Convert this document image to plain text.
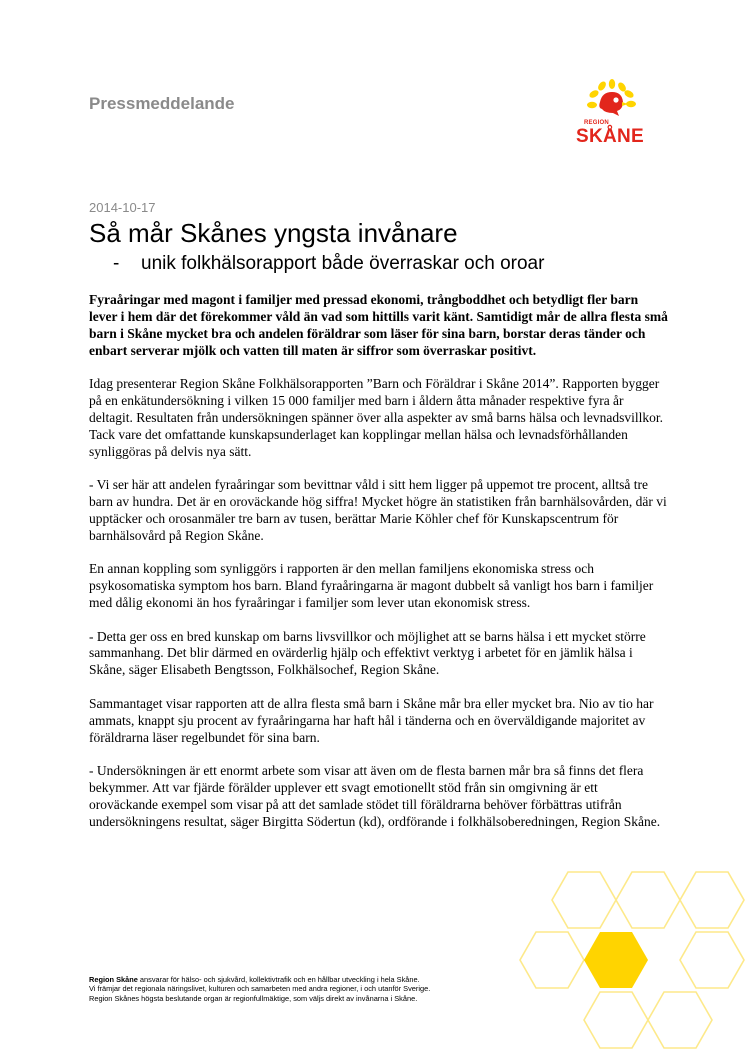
Pressmeddelande
REGION
SKÅNE
2014-10-17
Så mår Skånes yngsta invånare
- unik folkhälsorapport både överraskar och oroar

Fyraåringar med magont i familjer med pressad ekonomi, trångboddhet och betydligt fler barn lever i hem där det förekommer våld än vad som hittills varit känt. Samtidigt mår de allra flesta små barn i Skåne mycket bra och andelen föräldrar som läser för sina barn, borstar deras tänder och enbart serverar mjölk och vatten till maten är siffror som överraskar positivt.

Idag presenterar Region Skåne Folkhälsorapporten ”Barn och Föräldrar i Skåne 2014”. Rapporten bygger på en enkätundersökning i vilken 15 000 familjer med barn i åldern åtta månader respektive fyra år deltagit. Resultaten från undersökningen spänner över alla aspekter av små barns hälsa och levnadsvillkor. Tack vare det omfattande kunskapsunderlaget kan kopplingar mellan hälsa och levnadsförhållanden synliggöras på delvis nya sätt.

- Vi ser här att andelen fyraåringar som bevittnar våld i sitt hem ligger på uppemot tre procent, alltså tre barn av hundra. Det är en oroväckande hög siffra! Mycket högre än statistiken från barnhälsovården, där vi upptäcker och orosanmäler tre barn av tusen, berättar Marie Köhler chef för Kunskapscentrum för barnhälsovård på Region Skåne.

En annan koppling som synliggörs i rapporten är den mellan familjens ekonomiska stress och psykosomatiska symptom hos barn. Bland fyraåringarna är magont dubbelt så vanligt hos barn i familjer med dålig ekonomi än hos fyraåringar i familjer som lever utan ekonomisk stress.

- Detta ger oss en bred kunskap om barns livsvillkor och möjlighet att se barns hälsa i ett mycket större sammanhang. Det blir därmed en ovärderlig hjälp och effektivt verktyg i arbetet för en jämlik hälsa i Skåne, säger Elisabeth Bengtsson, Folkhälsochef, Region Skåne.

Sammantaget visar rapporten att de allra flesta små barn i Skåne mår bra eller mycket bra. Nio av tio har ammats, knappt sju procent av fyraåringarna har haft hål i tänderna och en överväldigande majoritet av föräldrarna läser regelbundet för sina barn.

- Undersökningen är ett enormt arbete som visar att även om de flesta barnen mår bra så finns det flera bekymmer. Att var fjärde förälder upplever ett svagt emotionellt stöd från sin omgivning är ett oroväckande exempel som visar på att det samlade stödet till föräldrarna behöver förbättras utifrån undersökningens resultat, säger Birgitta Södertun (kd), ordförande i folkhälsoberedningen, Region Skåne.

Region Skåne ansvarar för hälso- och sjukvård, kollektivtrafik och en hållbar utveckling i hela Skåne.

Vi främjar det regionala näringslivet, kulturen och samarbeten med andra regioner, i och utanför Sverige.

Region Skånes högsta beslutande organ är regionfullmäktige, som väljs direkt av invånarna i Skåne.
